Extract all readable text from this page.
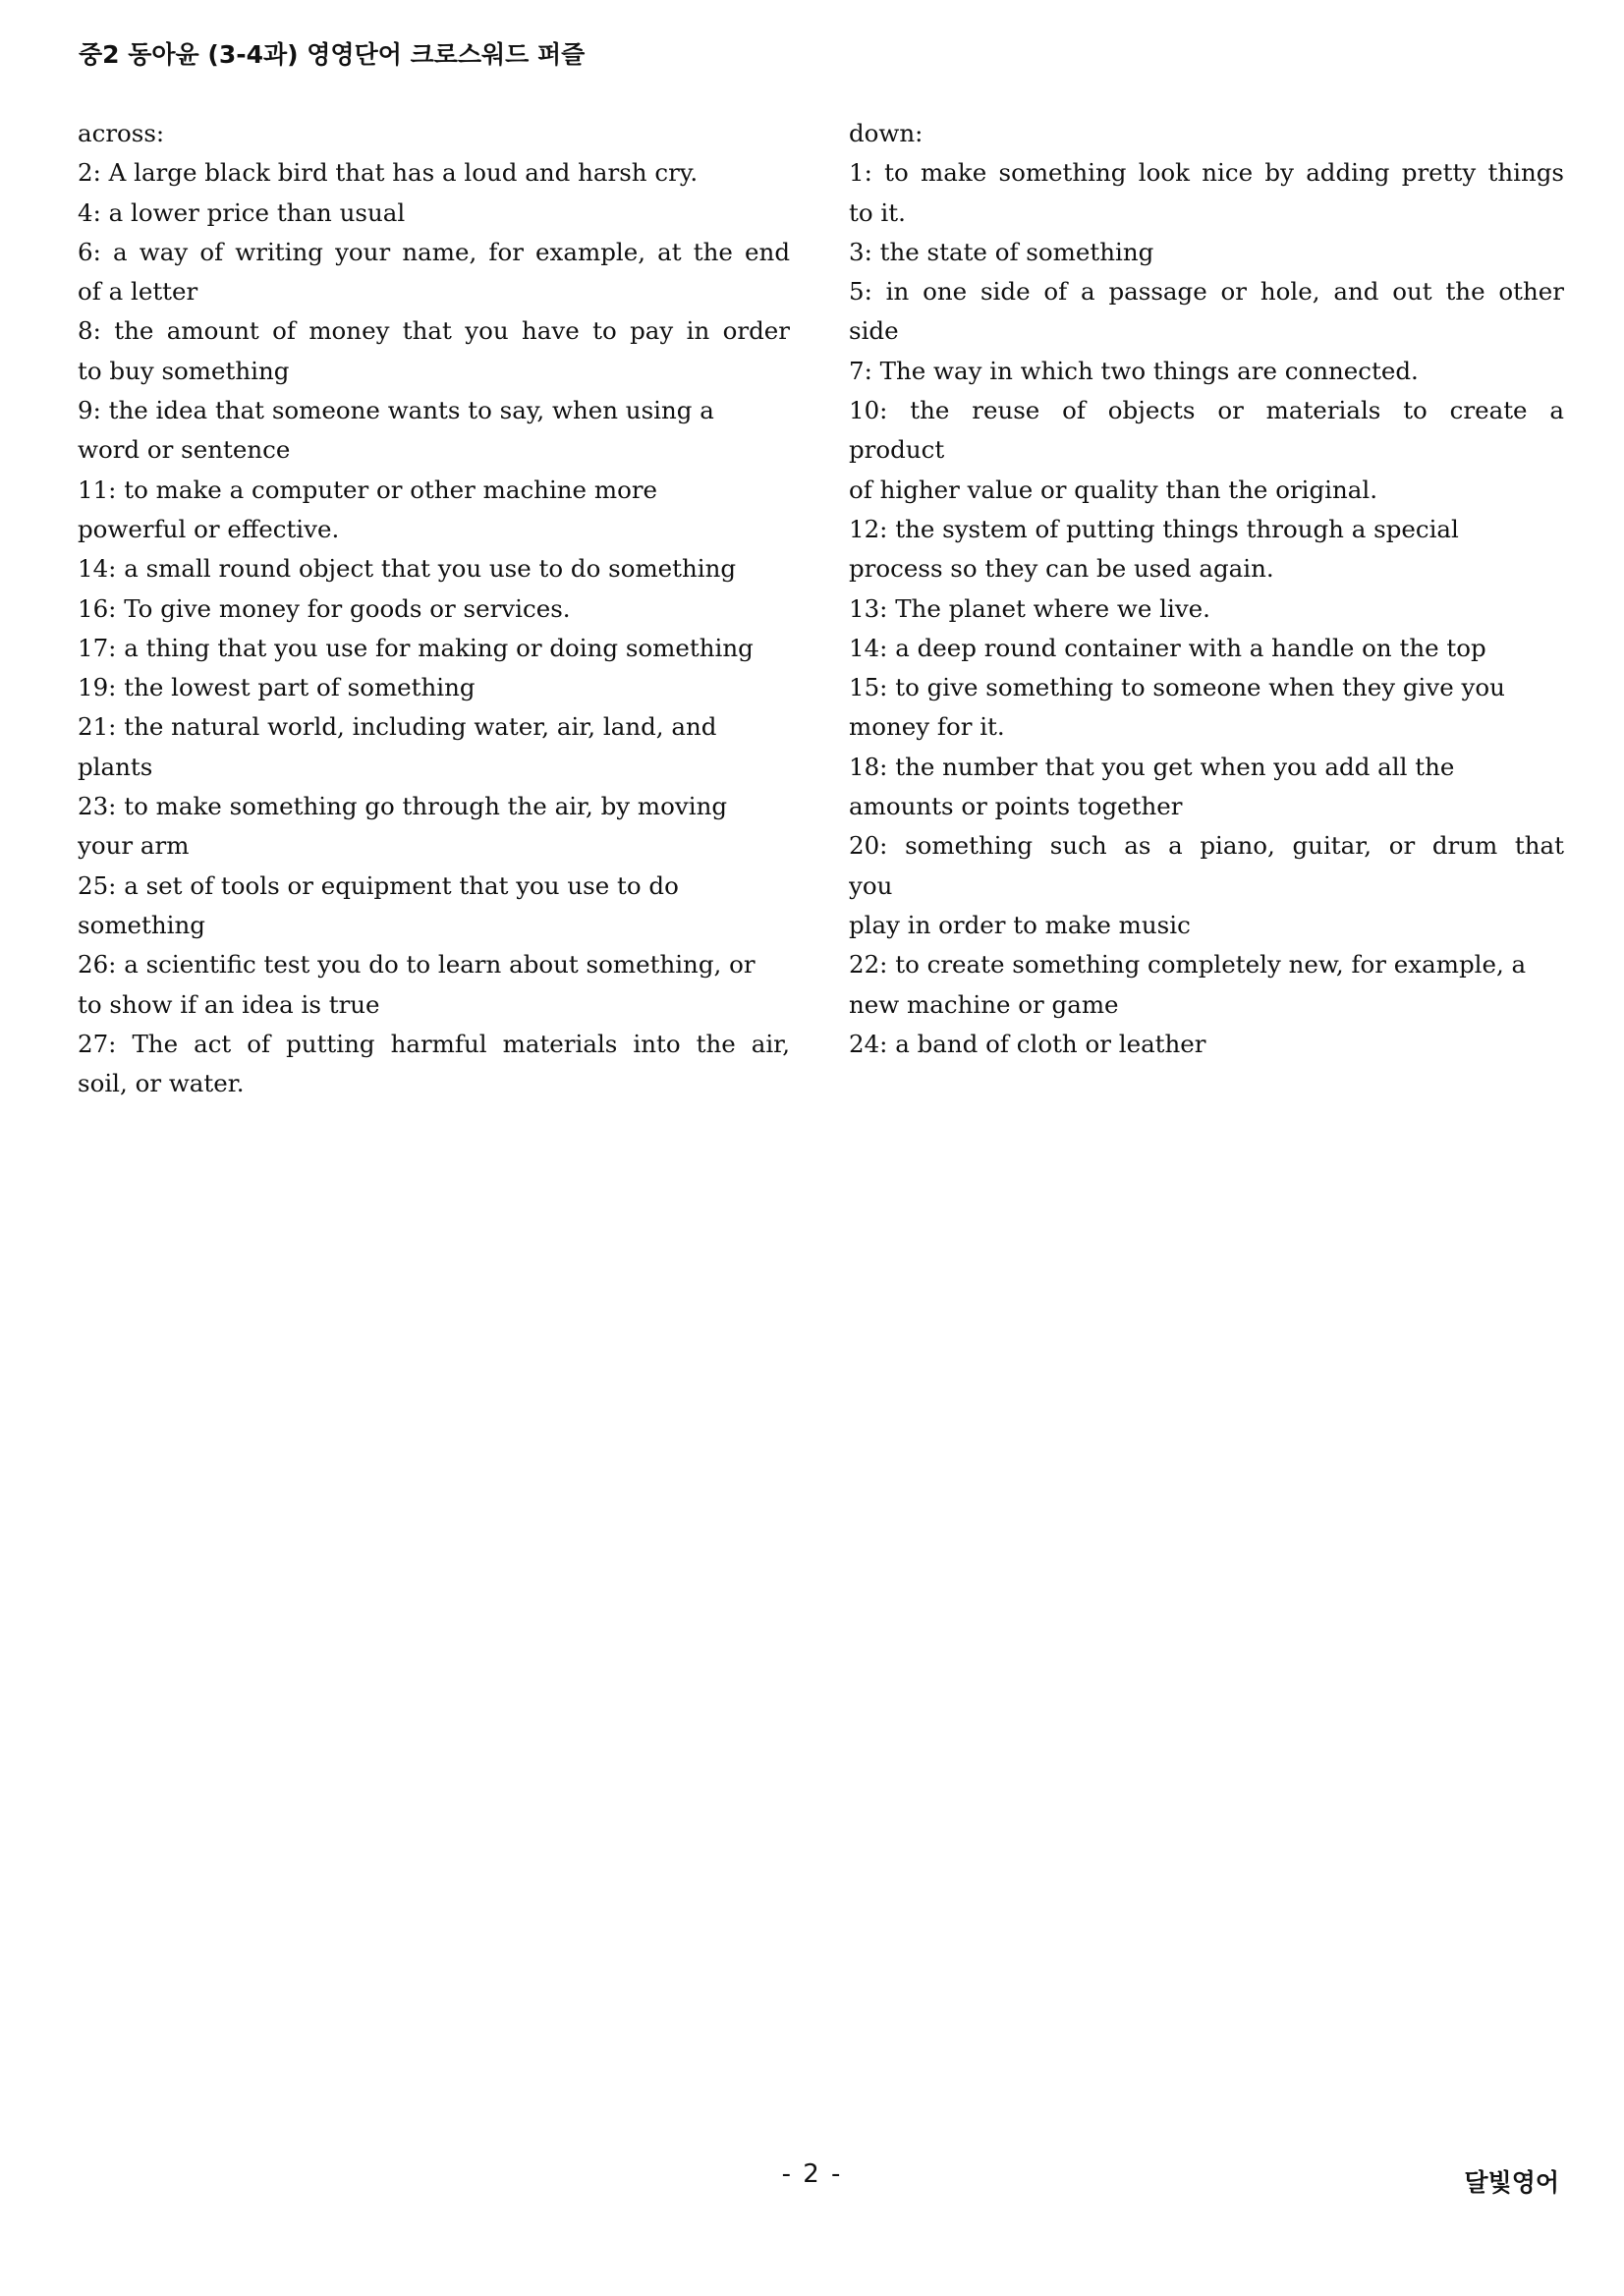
중2 동아윤 (3-4과) 영영단어 크로스워드 퍼즐
across:
2: A large black bird that has a loud and harsh cry.
4: a lower price than usual
6: a way of writing your name, for example, at the end
of a letter
8: the amount of money that you have to pay in order
to buy something
9: the idea that someone wants to say, when using a
word or sentence
11: to make a computer or other machine more
powerful or effective.
14: a small round object that you use to do something
16: To give money for goods or services.
17: a thing that you use for making or doing something
19: the lowest part of something
21: the natural world, including water, air, land, and
plants
23: to make something go through the air, by moving
your arm
25: a set of tools or equipment that you use to do
something
26: a scientific test you do to learn about something, or
to show if an idea is true
27: The act of putting harmful materials into the air,
soil, or water.
down:
1: to make something look nice by adding pretty things
to it.
3: the state of something
5: in one side of a passage or hole, and out the other
side
7: The way in which two things are connected.
10: the reuse of objects or materials to create a
product
of higher value or quality than the original.
12: the system of putting things through a special
process so they can be used again.
13: The planet where we live.
14: a deep round container with a handle on the top
15: to give something to someone when they give you
money for it.
18: the number that you get when you add all the
amounts or points together
20: something such as a piano, guitar, or drum that
you
play in order to make music
22: to create something completely new, for example, a
new machine or game
24: a band of cloth or leather
- 2 -	달빛영어
